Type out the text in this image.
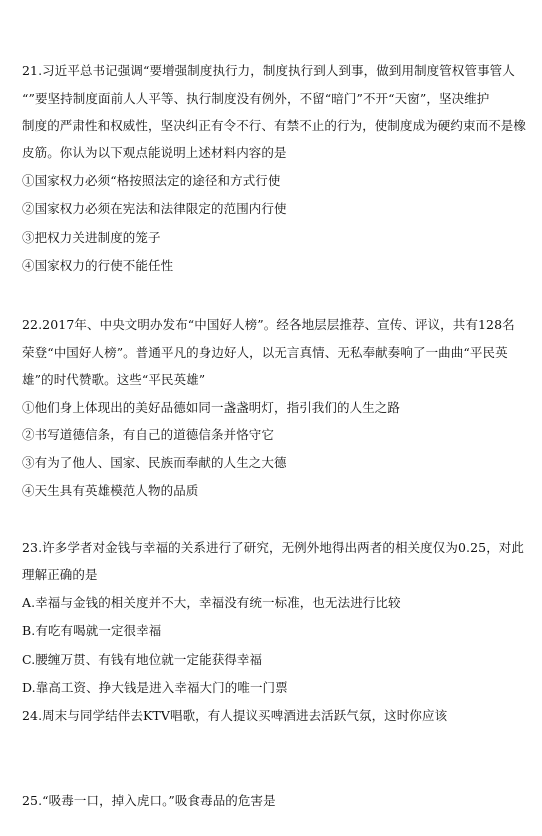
21.习近平总书记强调“要增强制度执行力，制度执行到人到事，做到用制度管权管事管人
“”要坚持制度面前人人平等、执行制度没有例外，不留“暗门”不开“天窗”，坚决维护
制度的严肃性和权威性，坚决纠正有令不行、有禁不止的行为，使制度成为硬约束而不是橡
皮筋。你认为以下观点能说明上述材料内容的是
①国家权力必须“格按照法定的途径和方式行使
②国家权力必须在宪法和法律限定的范围内行使
③把权力关进制度的笼子
④国家权力的行使不能任性
22.2017年、中央文明办发布“中国好人榜”。经各地层层推荐、宣传、评议，共有128名
荣登“中国好人榜”。普通平凡的身边好人，以无言真情、无私奉献奏响了一曲曲“平民英
雄”的时代赞歌。这些“平民英雄”
①他们身上体现出的美好品德如同一盏盏明灯，指引我们的人生之路
②书写道德信条，有自己的道德信条并恪守它
③有为了他人、国家、民族而奉献的人生之大德
④天生具有英雄模范人物的品质
23.许多学者对金钱与幸福的关系进行了研究，无例外地得出两者的相关度仅为0.25，对此
理解正确的是
A.幸福与金钱的相关度并不大，幸福没有统一标准，也无法进行比较
B.有吃有喝就一定很幸福
C.腰缠万贯、有钱有地位就一定能获得幸福
D.靠高工资、挣大钱是进入幸福大门的唯一门票
24.周末与同学结伴去KTV唱歌，有人提议买啤酒进去活跃气氛，这时你应该
25.“吸毒一口，掉入虎口。”吸食毒品的危害是
